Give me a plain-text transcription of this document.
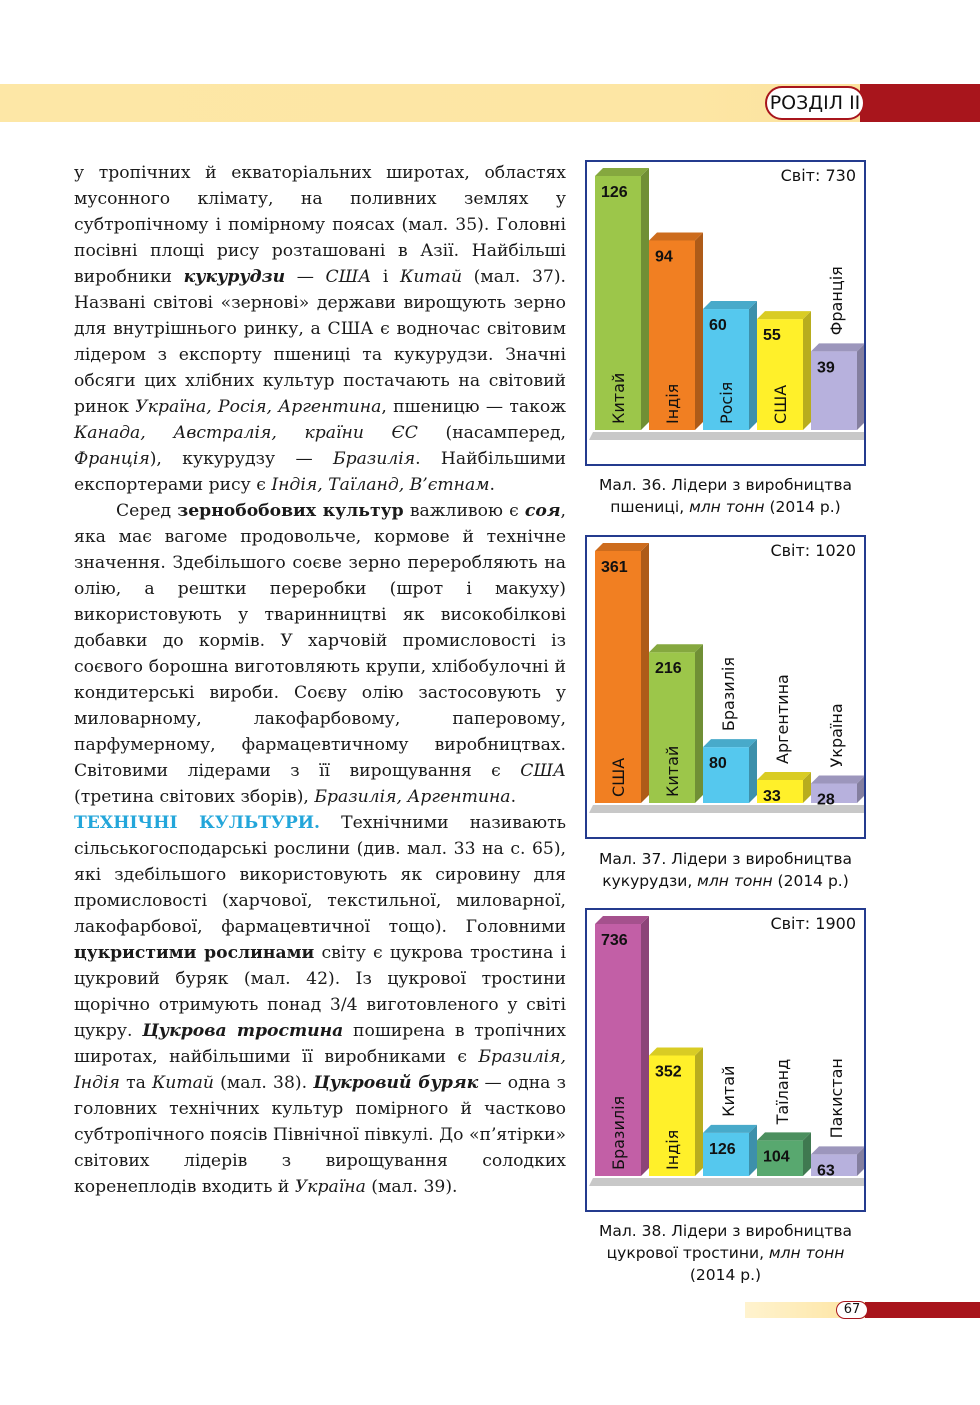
РОЗДІЛ ІІ

у тропічних й екваторіальних широтах, областях мусонного клімату, на поливних землях у субтропічному і помірному поясах (мал. 35). Головні посівні площі рису розташовані в Азії. Найбільші виробники кукурудзи — США і Китай (мал. 37). Названі світові «зернові» держави вирощують зерно для внутрішнього ринку, а США є водночас світовим лідером з експорту пшениці та кукурудзи. Значні обсяги цих хлібних культур постачають на світовий ринок Україна, Росія, Аргентина, пшеницю — також Канада, Австралія, країни ЄС (насамперед, Франція), кукурудзу — Бразилія. Найбільшими експортерами рису є Індія, Таїланд, В’єтнам.

Серед зернобобових культур важливою є соя, яка має вагоме продовольче, кормове й технічне значення. Здебільшого соєве зерно переробляють на олію, а рештки переробки (шрот і макуху) використовують у тваринництві як високобілкові добавки до кормів. У харчовій промисловості із соєвого борошна виготовляють крупи, хлібобулочні й кондитерські вироби. Соєву олію застосовують у миловарному, лакофарбовому, паперовому, парфумерному, фармацевтичному виробництвах. Світовими лідерами з її вирощування є США (третина світових зборів), Бразилія, Аргентина.

ТЕХНІЧНІ КУЛЬТУРИ. Технічними називають сільськогосподарські рослини (див. мал. 33 на с. 65), які здебільшого використовують як сировину для промисловості (харчової, текстильної, миловарної, лакофарбової, фармацевтичної тощо). Головними цукристими рослинами світу є цукрова тростина і цукровий буряк (мал. 42). Із цукрової тростини щорічно отримують понад 3/4 виготовленого у світі цукру. Цукрова тростина поширена в тропічних широтах, найбільшими її виробниками є Бразилія, Індія та Китай (мал. 38). Цукровий буряк — одна з головних технічних культур помірного й частково субтропічного поясів Північної півкулі. До «п’ятірки» світових лідерів з вирощування солодких коренеплодів входить й Україна (мал. 39).

126
Китай
94
Індія
60
Росія
55
США
39
Франція
Світ: 730
Мал. 36. Лідери з виробництва
пшениці, млн тонн (2014 р.)
361
США
216
Китай 80
Бразилія
33
Аргентина
28
Україна
Світ: 1020
Мал. 37. Лідери з виробництва
кукурудзи, млн тонн (2014 р.)
736
Бразилія
352
Індія 126
Китай
104
Таїланд
63
Пакистан
Світ: 1900
Мал. 38. Лідери з виробництва
цукрової тростини, млн тонн
(2014 р.)
67
